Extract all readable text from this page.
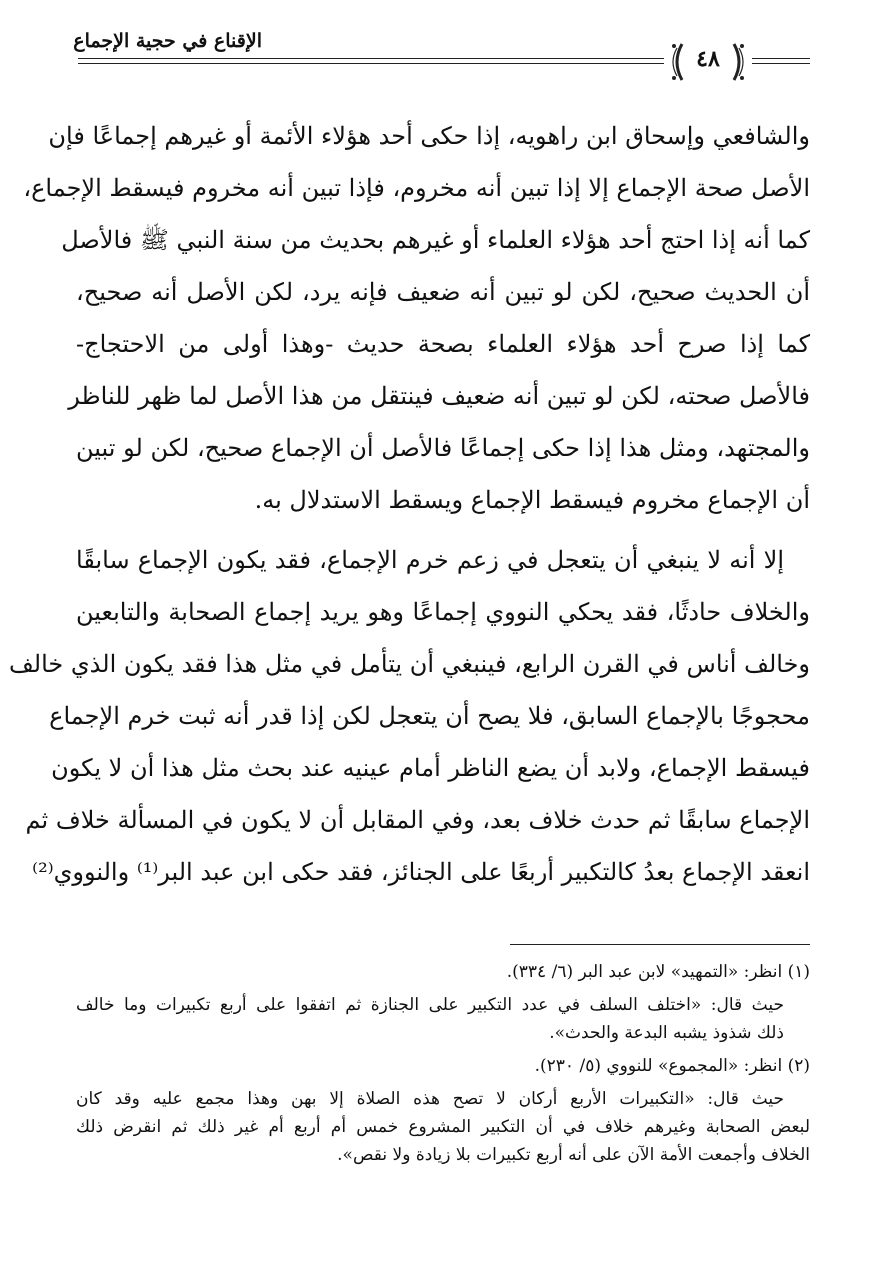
الإقناع في حجية الإجماع
٤٨
والشافعي وإسحاق ابن راهويه، إذا حكى أحد هؤلاء الأئمة أو غيرهم إجماعًا فإن
الأصل صحة الإجماع إلا إذا تبين أنه مخروم، فإذا تبين أنه مخروم فيسقط الإجماع،
كما أنه إذا احتج أحد هؤلاء العلماء أو غيرهم بحديث من سنة النبي ﷺ فالأصل
أن الحديث صحيح، لكن لو تبين أنه ضعيف فإنه يرد، لكن الأصل أنه صحيح،
كما إذا صرح أحد هؤلاء العلماء بصحة حديث -وهذا أولى من الاحتجاج-
فالأصل صحته، لكن لو تبين أنه ضعيف فينتقل من هذا الأصل لما ظهر للناظر
والمجتهد، ومثل هذا إذا حكى إجماعًا فالأصل أن الإجماع صحيح، لكن لو تبين
أن الإجماع مخروم فيسقط الإجماع ويسقط الاستدلال به.
إلا أنه لا ينبغي أن يتعجل في زعم خرم الإجماع، فقد يكون الإجماع سابقًا
والخلاف حادثًا، فقد يحكي النووي إجماعًا وهو يريد إجماع الصحابة والتابعين
وخالف أناس في القرن الرابع، فينبغي أن يتأمل في مثل هذا فقد يكون الذي خالف
محجوجًا بالإجماع السابق، فلا يصح أن يتعجل لكن إذا قدر أنه ثبت خرم الإجماع
فيسقط الإجماع، ولابد أن يضع الناظر أمام عينيه عند بحث مثل هذا أن لا يكون
الإجماع سابقًا ثم حدث خلاف بعد، وفي المقابل أن لا يكون في المسألة خلاف ثم
انعقد الإجماع بعدُ كالتكبير أربعًا على الجنائز، فقد حكى ابن عبد البر⁽¹⁾ والنووي⁽²⁾
(١) انظر: «التمهيد» لابن عبد البر (٦/ ٣٣٤).
حيث قال: «اختلف السلف في عدد التكبير على الجنازة ثم اتفقوا على أربع تكبيرات وما خالف
ذلك شذوذ يشبه البدعة والحدث».
(٢) انظر: «المجموع» للنووي (٥/ ٢٣٠).
حيث قال: «التكبيرات الأربع أركان لا تصح هذه الصلاة إلا بهن وهذا مجمع عليه وقد كان
لبعض الصحابة وغيرهم خلاف في أن التكبير المشروع خمس أم أربع أم غير ذلك ثم انقرض ذلك
الخلاف وأجمعت الأمة الآن على أنه أربع تكبيرات بلا زيادة ولا نقص».
